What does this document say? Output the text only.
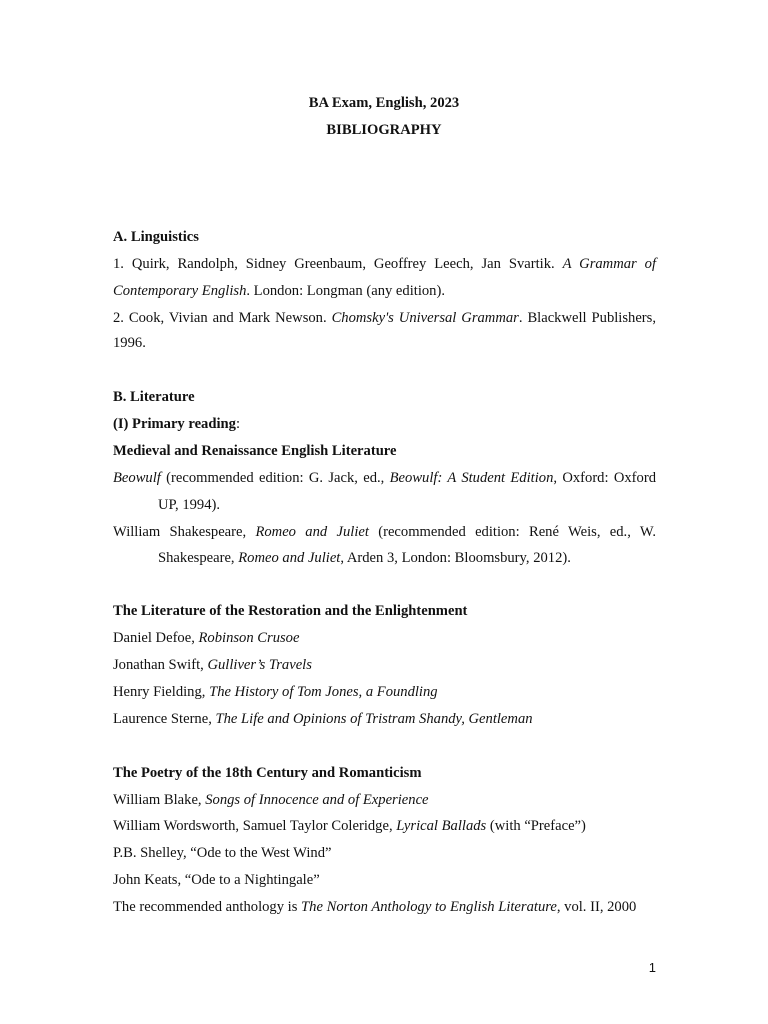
BA Exam, English, 2023
BIBLIOGRAPHY
A. Linguistics
1. Quirk, Randolph, Sidney Greenbaum, Geoffrey Leech, Jan Svartik. A Grammar of
Contemporary English. London: Longman (any edition).
2. Cook, Vivian and Mark Newson. Chomsky's Universal Grammar. Blackwell Publishers,
1996.
B. Literature
(I) Primary reading:
Medieval and Renaissance English Literature
Beowulf (recommended edition: G. Jack, ed., Beowulf: A Student Edition, Oxford: Oxford
UP, 1994).
William Shakespeare, Romeo and Juliet (recommended edition: René Weis, ed., W.
Shakespeare, Romeo and Juliet, Arden 3, London: Bloomsbury, 2012).
The Literature of the Restoration and the Enlightenment
Daniel Defoe, Robinson Crusoe
Jonathan Swift, Gulliver’s Travels
Henry Fielding, The History of Tom Jones, a Foundling
Laurence Sterne, The Life and Opinions of Tristram Shandy, Gentleman
The Poetry of the 18th Century and Romanticism
William Blake, Songs of Innocence and of Experience
William Wordsworth, Samuel Taylor Coleridge, Lyrical Ballads (with “Preface”)
P.B. Shelley, “Ode to the West Wind”
John Keats, “Ode to a Nightingale”
The recommended anthology is The Norton Anthology to English Literature, vol. II, 2000
1
